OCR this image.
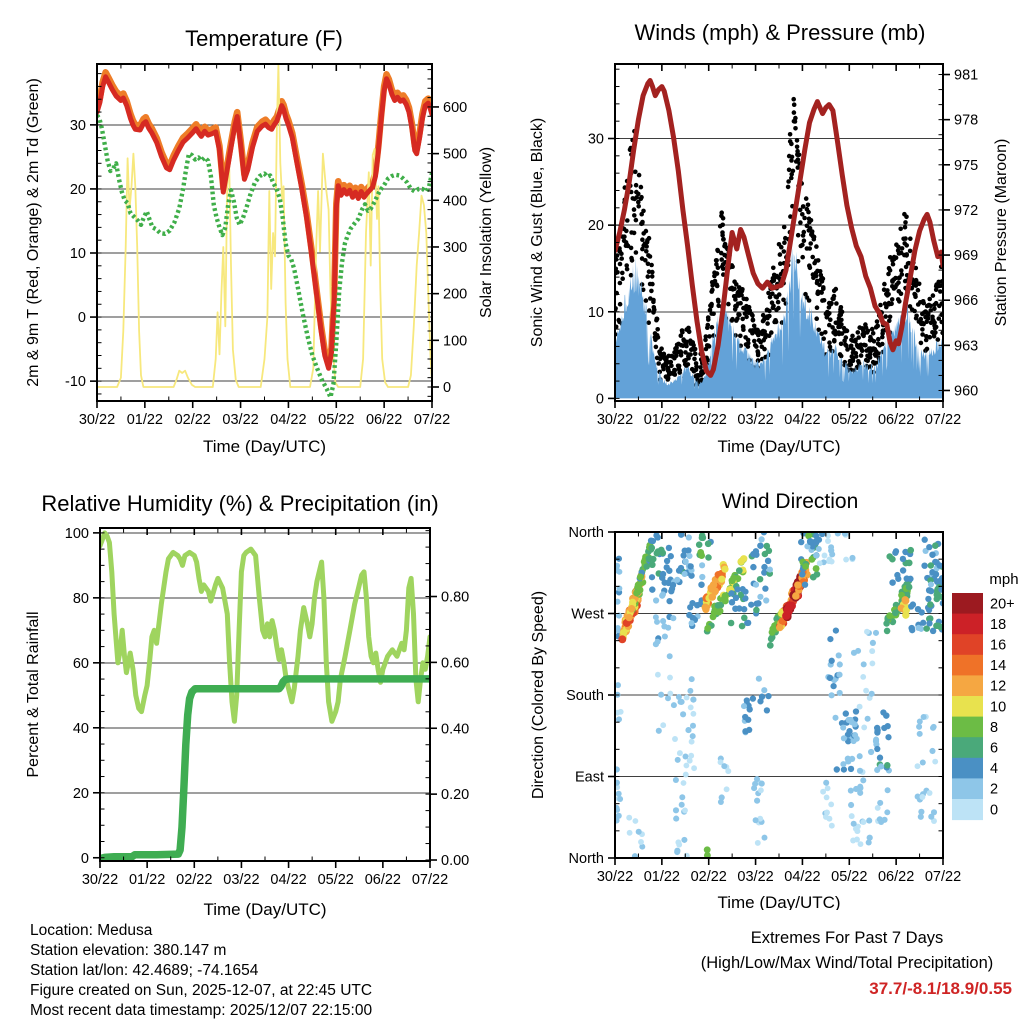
30/22 01/22 02/22 03/22 04/22 05/22 06/22 07/22
-10
0
10
20
30
0
100
200
300
400
500
600
Temperature (F)
Time (Day/UTC)
2m & 9m T (Red, Orange) & 2m Td (Green)	Solar Insolation (Yellow)
30/22 01/22 02/22 03/22 04/22 05/22 06/22 07/22
0
10
20
30
960
963
966
969
972
975
978
981
Winds (mph) & Pressure (mb)
Time (Day/UTC)
Sonic Wind & Gust (Blue, Black)	Station Pressure (Maroon)
30/22 01/22 02/22 03/22 04/22 05/22 06/22 07/22
0
20
40
60
80
100
0.00
0.20
0.40
0.60
0.80
Relative Humidity (%) & Precipitation (in)
Time (Day/UTC)
Percent & Total Rainfall
30/22 01/22 02/22 03/22 04/22 05/22 06/22 07/22
North
East
South
West
North
Wind Direction
Time (Day/UTC)
Direction (Colored By Speed)
mph
20+
18
16
14
12
10
8
6
4
2
0
Location: Medusa
Station elevation: 380.147 m
Station lat/lon: 42.4689; -74.1654
Figure created on Sun, 2025-12-07, at 22:45 UTC
Most recent data timestamp: 2025/12/07 22:15:00
Extremes For Past 7 Days
(High/Low/Max Wind/Total Precipitation)
37.7/-8.1/18.9/0.55
